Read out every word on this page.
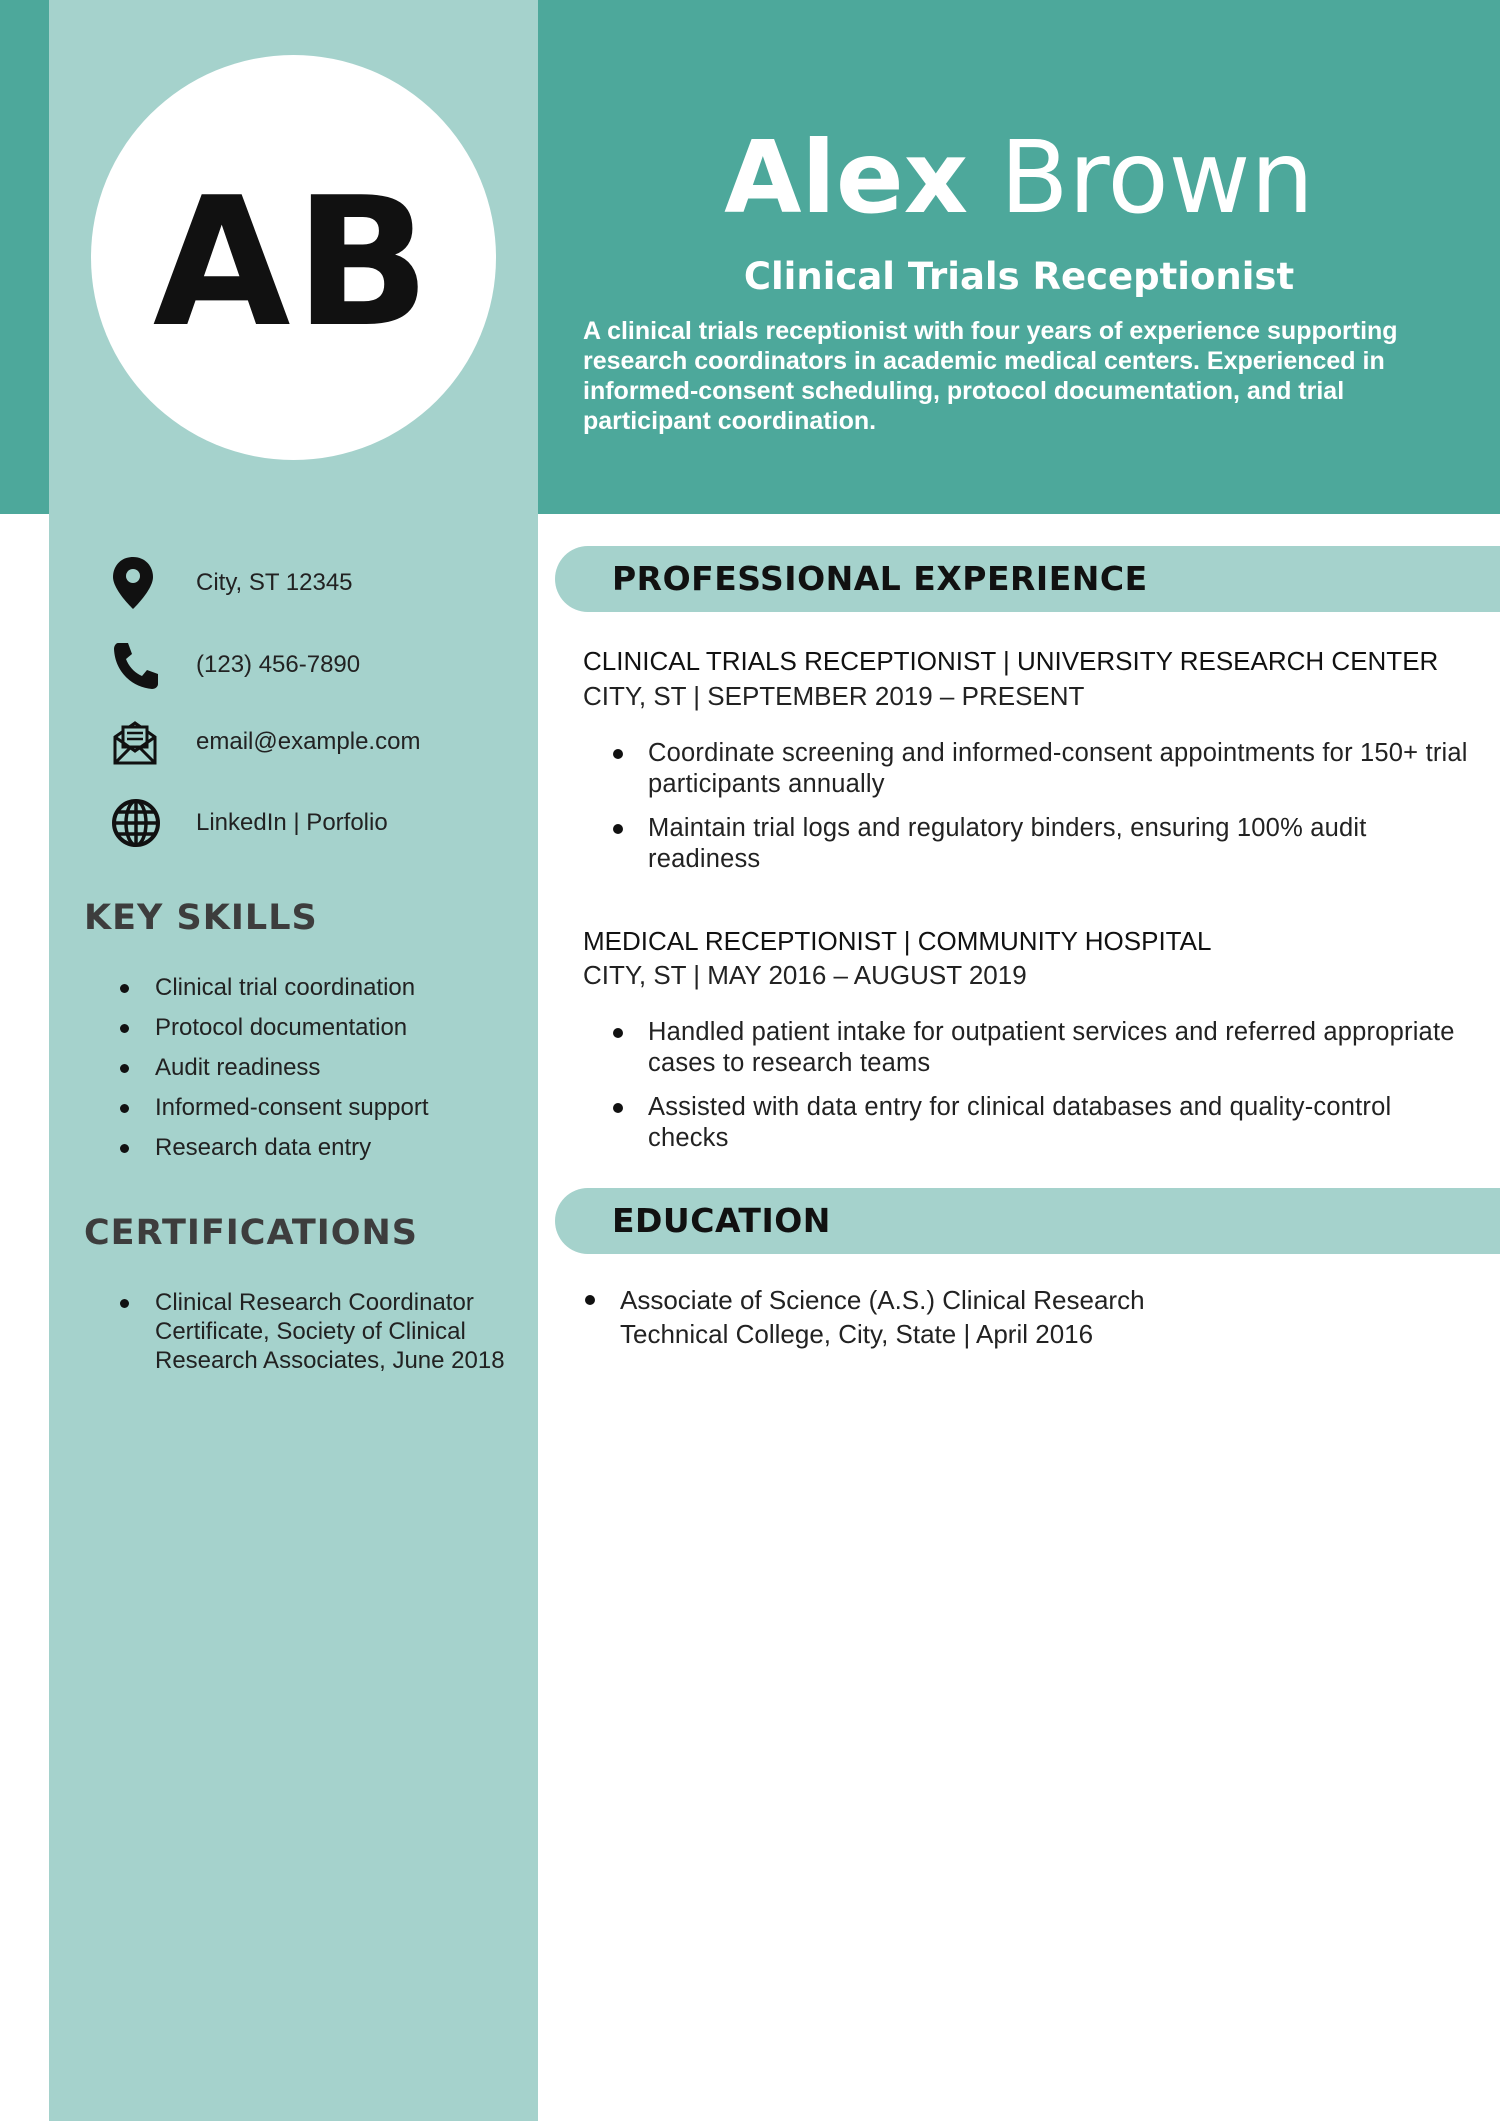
AB	Alex Brown
Clinical Trials Receptionist
A clinical trials receptionist with four years of experience supporting research coordinators in academic medical centers. Experienced in informed-consent scheduling, protocol documentation, and trial participant coordination.
City, ST 12345
(123) 456-7890
email@example.com
LinkedIn | Porfolio
KEY SKILLS
Clinical trial coordination
Protocol documentation
Audit readiness
Informed-consent support
Research data entry
CERTIFICATIONS
Clinical Research Coordinator Certificate, Society of Clinical Research Associates, June 2018
PROFESSIONAL EXPERIENCE
CLINICAL TRIALS RECEPTIONIST | UNIVERSITY RESEARCH CENTER
CITY, ST | SEPTEMBER 2019 – PRESENT
Coordinate screening and informed-consent appointments for 150+ trial participants annually
Maintain trial logs and regulatory binders, ensuring 100% audit readiness
MEDICAL RECEPTIONIST | COMMUNITY HOSPITAL
CITY, ST | MAY 2016 – AUGUST 2019
Handled patient intake for outpatient services and referred appropriate cases to research teams
Assisted with data entry for clinical databases and quality-control checks
EDUCATION
Associate of Science (A.S.) Clinical Research
Technical College, City, State | April 2016
